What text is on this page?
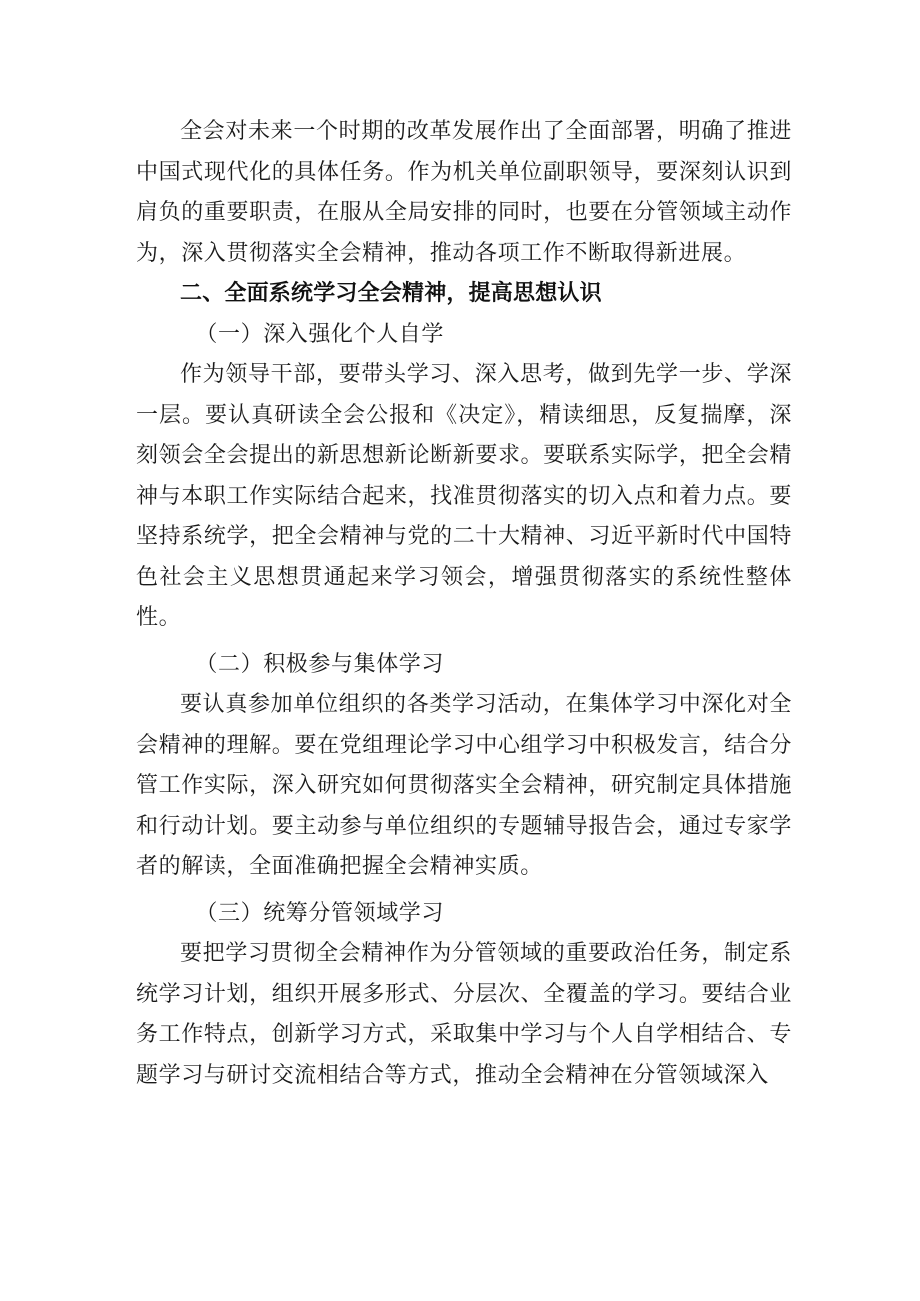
全会对未来一个时期的改革发展作出了全面部署，明确了推进中国式现代化的具体任务。作为机关单位副职领导，要深刻认识到肩负的重要职责，在服从全局安排的同时，也要在分管领域主动作为，深入贯彻落实全会精神，推动各项工作不断取得新进展。

二、全面系统学习全会精神，提高思想认识

（一）深入强化个人自学

作为领导干部，要带头学习、深入思考，做到先学一步、学深一层。要认真研读全会公报和《决定》，精读细思，反复揣摩，深刻领会全会提出的新思想新论断新要求。要联系实际学，把全会精神与本职工作实际结合起来，找准贯彻落实的切入点和着力点。要坚持系统学，把全会精神与党的二十大精神、习近平新时代中国特色社会主义思想贯通起来学习领会，增强贯彻落实的系统性整体性。

（二）积极参与集体学习

要认真参加单位组织的各类学习活动，在集体学习中深化对全会精神的理解。要在党组理论学习中心组学习中积极发言，结合分管工作实际，深入研究如何贯彻落实全会精神，研究制定具体措施和行动计划。要主动参与单位组织的专题辅导报告会，通过专家学者的解读，全面准确把握全会精神实质。

（三）统筹分管领域学习

要把学习贯彻全会精神作为分管领域的重要政治任务，制定系统学习计划，组织开展多形式、分层次、全覆盖的学习。要结合业务工作特点，创新学习方式，采取集中学习与个人自学相结合、专题学习与研讨交流相结合等方式，推动全会精神在分管领域深入
